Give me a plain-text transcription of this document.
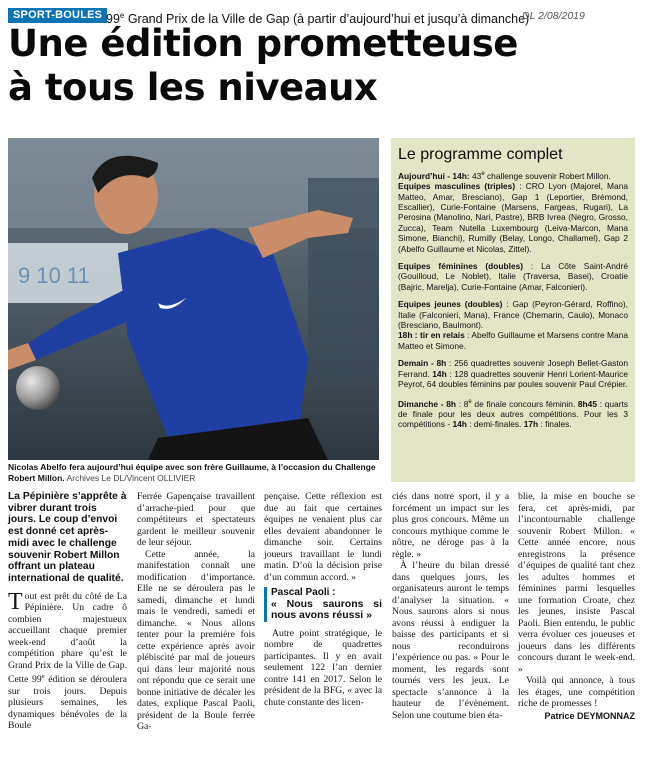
SPORT-BOULES 99e Grand Prix de la Ville de Gap (à partir d’aujourd’hui et jusqu’à dimanche)
DL 2/08/2019
Une édition prometteuse
à tous les niveaux
9 10 11
Nicolas Abelfo fera aujourd’hui équipe avec son frère Guillaume, à l’occasion du Challenge Robert Millon. Archives Le DL/Vincent OLLIVIER
Le programme complet

Aujourd’hui - 14h: 43e challenge souvenir Robert Millon.
Equipes masculines (triples) : CRO Lyon (Majorel, Mana Matteo, Amar, Bresciano), Gap 1 (Leportier, Brémond, Escallier), Curie-Fontaine (Marsens, Fargeas, Rugari), La Perosina (Manolino, Nari, Pastre), BRB Ivrea (Negro, Grosso, Zucca), Team Nutella Luxembourg (Leiva-Marcon, Mana Simone, Bianchi), Rumilly (Belay, Longo, Challamel), Gap 2 (Abelfo Guillaume et Nicolas, Zittel).

Equipes féminines (doubles) : La Côte Saint-André (Gouilloud, Le Noblet), Italie (Traversa, Basei), Croatie (Bajric, Marelja), Curie-Fontaine (Amar, Falconieri).

Equipes jeunes (doubles) : Gap (Peyron-Gérard, Roffino), Italie (Falconieri, Mana), France (Chemarin, Caulo), Monaco (Bresciano, Baulmont).
18h : tir en relais : Abelfo Guillaume et Marsens contre Mana Matteo et Simone.

Demain - 8h : 256 quadrettes souvenir Joseph Bellet-Gaston Ferrand. 14h : 128 quadrettes souvenir Henri Lorient-Maurice Peyrot, 64 doubles féminins par poules souvenir Paul Crépier.

Dimanche - 8h : 8e de finale concours féminin. 8h45 : quarts de finale pour les deux autres compétitions. Pour les 3 compétitions - 14h : demi-finales. 17h : finales.

La Pépinière s’apprête à vibrer durant trois jours. Le coup d’envoi est donné cet après-midi avec le challenge souvenir Robert Millon offrant un plateau international de qualité.

Tout est prêt du côté de La Pépinière. Un cadre ô combien majestueux accueillant chaque premier week-end d’août la compétition phare qu’est le Grand Prix de la Ville de Gap. Cette 99e édition se déroulera sur trois jours. Depuis plusieurs semaines, les dynamiques bénévoles de la Boule

Ferrée Gapençaise travaillent d’arrache-pied pour que compétiteurs et spectateurs gardent le meilleur souvenir de leur séjour.

Cette année, la manifestation connaît une modification d’importance. Elle ne se déroulera pas le samedi, dimanche et lundi mais le vendredi, samedi et dimanche. « Nous allons tenter pour la première fois cette expérience après avoir plébiscité par mal de joueurs qui dans leur majorité nous ont répondu que ce serait une bonne initiative de décaler les dates, explique Pascal Paoli, président de la Boule ferrée Ga-

pençaise. Cette réflexion est due au fait que certaines équipes ne venaient plus car elles devaient abandonner le dimanche soir. Certains joueurs travaillant le lundi matin. D’où la décision prise d’un commun accord. »

Pascal Paoli :
« Nous saurons si nous avons réussi »

Autre point stratégique, le nombre de quadrettes participantes. Il y en avait seulement 122 l’an dernier contre 141 en 2017. Selon le président de la BFG, « avec la chute constante des licen-

ciés dans notre sport, il y a forcément un impact sur les plus gros concours. Même un concours mythique comme le nôtre, ne déroge pas à la règle. »

À l’heure du bilan dressé dans quelques jours, les organisateurs auront le temps d’analyser la situation. « Nous saurons alors si nous avons réussi à endiguer la baisse des participants et si nous reconduirons l’expérience ou pas. » Pour le moment, les regards sont tournés vers les jeux. Le spectacle s’annonce à la hauteur de l’évènement. Selon une coutume bien éta-

blie, la mise en bouche se fera, cet après-midi, par l’incontournable challenge souvenir Robert Millon. « Cette année encore, nous enregistrons la présence d’équipes de qualité tant chez les adultes hommes et féminines parmi lesquelles une formation Croate, chez les jeunes, insiste Pascal Paoli. Bien entendu, le public verra évoluer ces joueuses et joueurs dans les différents concours durant le week-end. »

Voilà qui annonce, à tous les étages, une compétition riche de promesses !

Patrice DEYMONNAZ
